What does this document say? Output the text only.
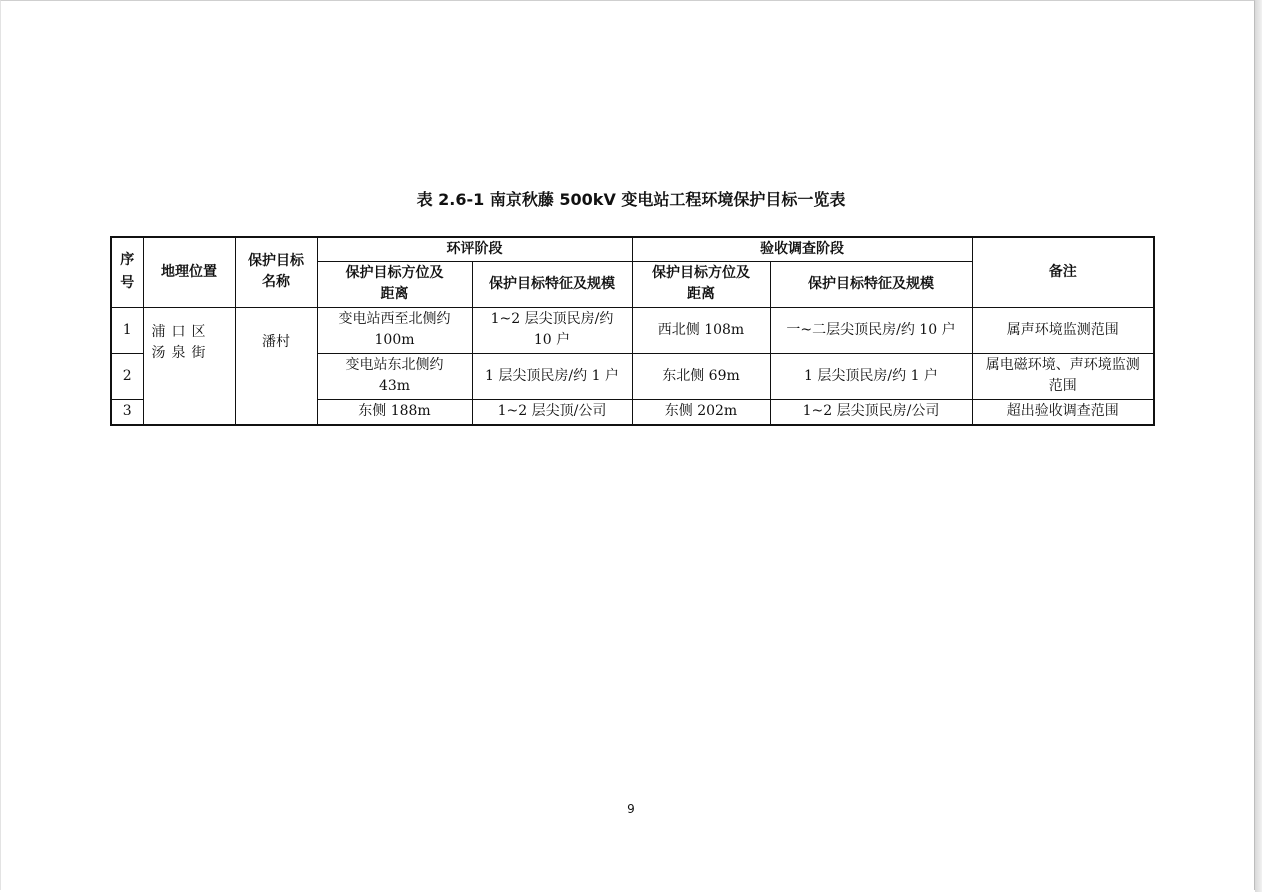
表 2.6-1 南京秋藤 500kV 变电站工程环境保护目标一览表
序号	地理位置	保护目标名称	环评阶段		验收调查阶段		备注
			保护目标方位及距离	保护目标特征及规模	保护目标方位及距离	保护目标特征及规模	
1	浦口区汤泉街	潘村	变电站西至北侧约100m	1~2 层尖顶民房/约10 户	西北侧 108m	一~二层尖顶民房/约 10 户	属声环境监测范围
2			变电站东北侧约43m	1 层尖顶民房/约 1 户	东北侧 69m	1 层尖顶民房/约 1 户	属电磁环境、声环境监测范围
3			东侧 188m	1~2 层尖顶/公司	东侧 202m	1~2 层尖顶民房/公司	超出验收调查范围
9
